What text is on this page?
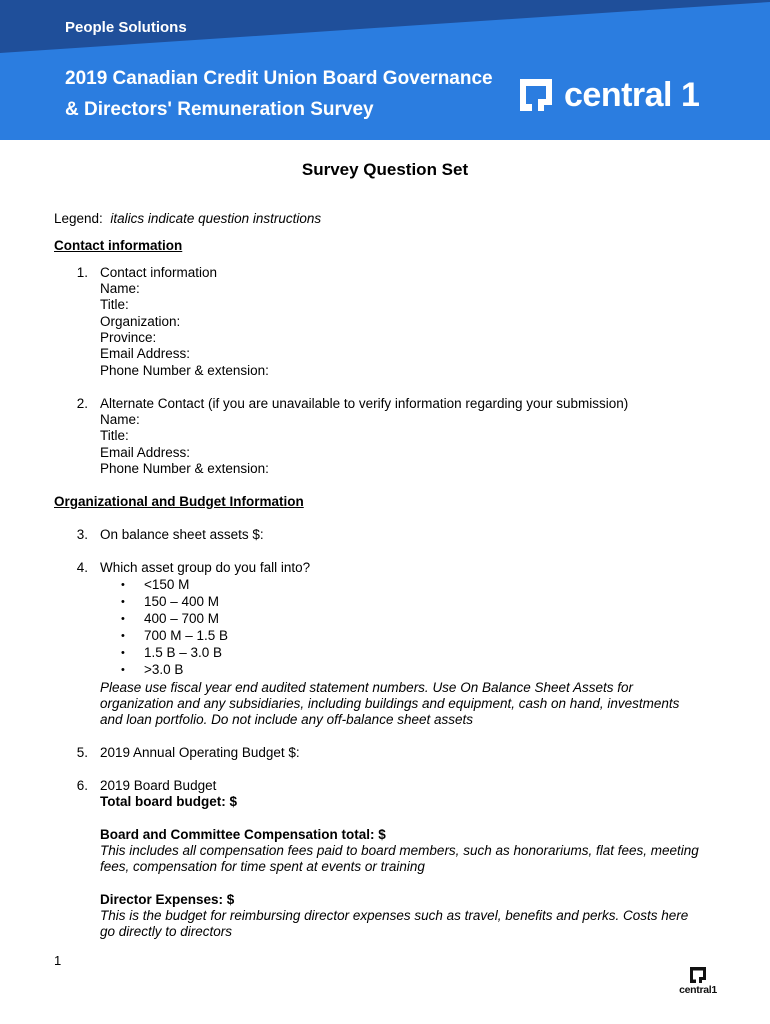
People Solutions
2019 Canadian Credit Union Board Governance
& Directors' Remuneration Survey	central 1
Survey Question Set
Legend: italics indicate question instructions
Contact information
1. Contact information
Name:
Title:
Organization:
Province:
Email Address:
Phone Number & extension:
2. Alternate Contact (if you are unavailable to verify information regarding your submission)
Name:
Title:
Email Address:
Phone Number & extension:
Organizational and Budget Information
3. On balance sheet assets $:
4. Which asset group do you fall into?
• <150 M
• 150 – 400 M
• 400 – 700 M
• 700 M – 1.5 B
• 1.5 B – 3.0 B
• >3.0 B
Please use fiscal year end audited statement numbers. Use On Balance Sheet Assets for
organization and any subsidiaries, including buildings and equipment, cash on hand, investments
and loan portfolio. Do not include any off-balance sheet assets
5. 2019 Annual Operating Budget $:
6. 2019 Board Budget
Total board budget: $
Board and Committee Compensation total: $
This includes all compensation fees paid to board members, such as honorariums, flat fees, meeting
fees, compensation for time spent at events or training
Director Expenses: $
This is the budget for reimbursing director expenses such as travel, benefits and perks. Costs here
go directly to directors
1
central1
